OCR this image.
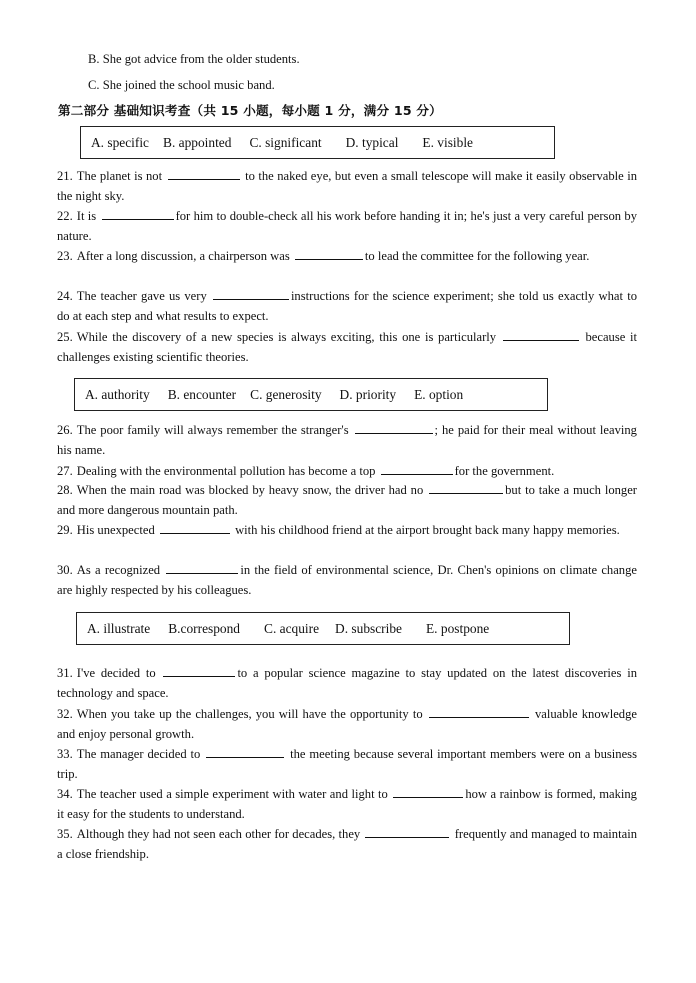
B. She got advice from the older students.
C. She joined the school music band.
第二部分 基础知识考查（共 15 小题，每小题 1 分，满分 15 分）
A. specific B. appointed C. significant D. typical E. visible
21. The planet is not	to the naked eye, but even a small telescope will make it easily observable in the night sky.
22. It is	for him to double-check all his work before handing it in; he's just a very careful person by nature.
23. After a long discussion, a chairperson was	to lead the committee for the following year.
24. The teacher gave us very	instructions for the science experiment; she told us exactly what to do at each step and what results to expect.
25. While the discovery of a new species is always exciting, this one is particularly	because it challenges existing scientific theories.
A. authority B. encounter C. generosity D. priority E. option
26. The poor family will always remember the stranger's	; he paid for their meal without leaving his name.
27. Dealing with the environmental pollution has become a top	for the government.
28. When the main road was blocked by heavy snow, the driver had no	but to take a much longer and more dangerous mountain path.
29. His unexpected	with his childhood friend at the airport brought back many happy memories.
30. As a recognized	in the field of environmental science, Dr. Chen's opinions on climate change are highly respected by his colleagues.
A. illustrate B.correspond C. acquire D. subscribe E. postpone
31. I've decided to	to a popular science magazine to stay updated on the latest discoveries in technology and space.
32. When you take up the challenges, you will have the opportunity to	valuable knowledge and enjoy personal growth.
33. The manager decided to	the meeting because several important members were on a business trip.
34. The teacher used a simple experiment with water and light to	how a rainbow is formed, making it easy for the students to understand.
35. Although they had not seen each other for decades, they	frequently and managed to maintain a close friendship.
